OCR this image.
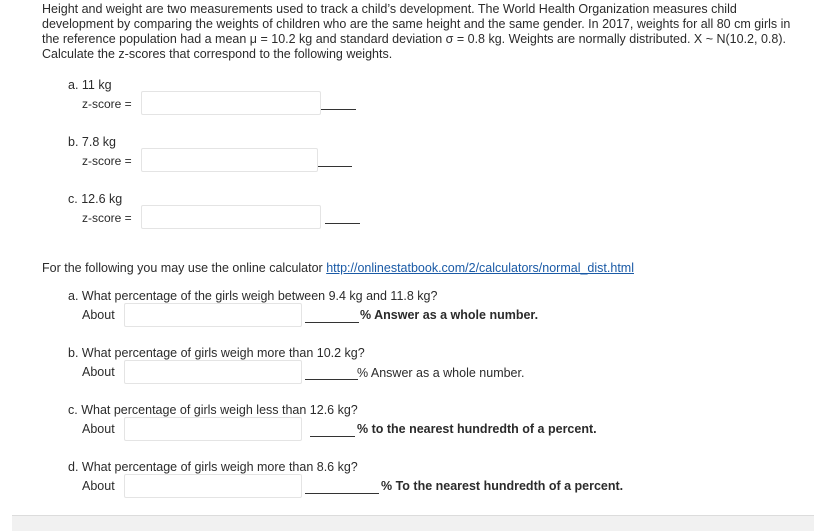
Height and weight are two measurements used to track a child’s development. The World Health Organization measures child development by comparing the weights of children who are the same height and the same gender. In 2017, weights for all 80 cm girls in the reference population had a mean μ = 10.2 kg and standard deviation σ = 0.8 kg. Weights are normally distributed. X ~ N(10.2, 0.8). Calculate the z-scores that correspond to the following weights.

a. 11 kg
z-score =
b. 7.8 kg
z-score =
c. 12.6 kg
z-score =
For the following you may use the online calculator http://onlinestatbook.com/2/calculators/normal_dist.html
a. What percentage of the girls weigh between 9.4 kg and 11.8 kg?
About	% Answer as a whole number.
b. What percentage of girls weigh more than 10.2 kg?
About	% Answer as a whole number.
c. What percentage of girls weigh less than 12.6 kg?
About	% to the nearest hundredth of a percent.
d. What percentage of girls weigh more than 8.6 kg?
About	% To the nearest hundredth of a percent.
